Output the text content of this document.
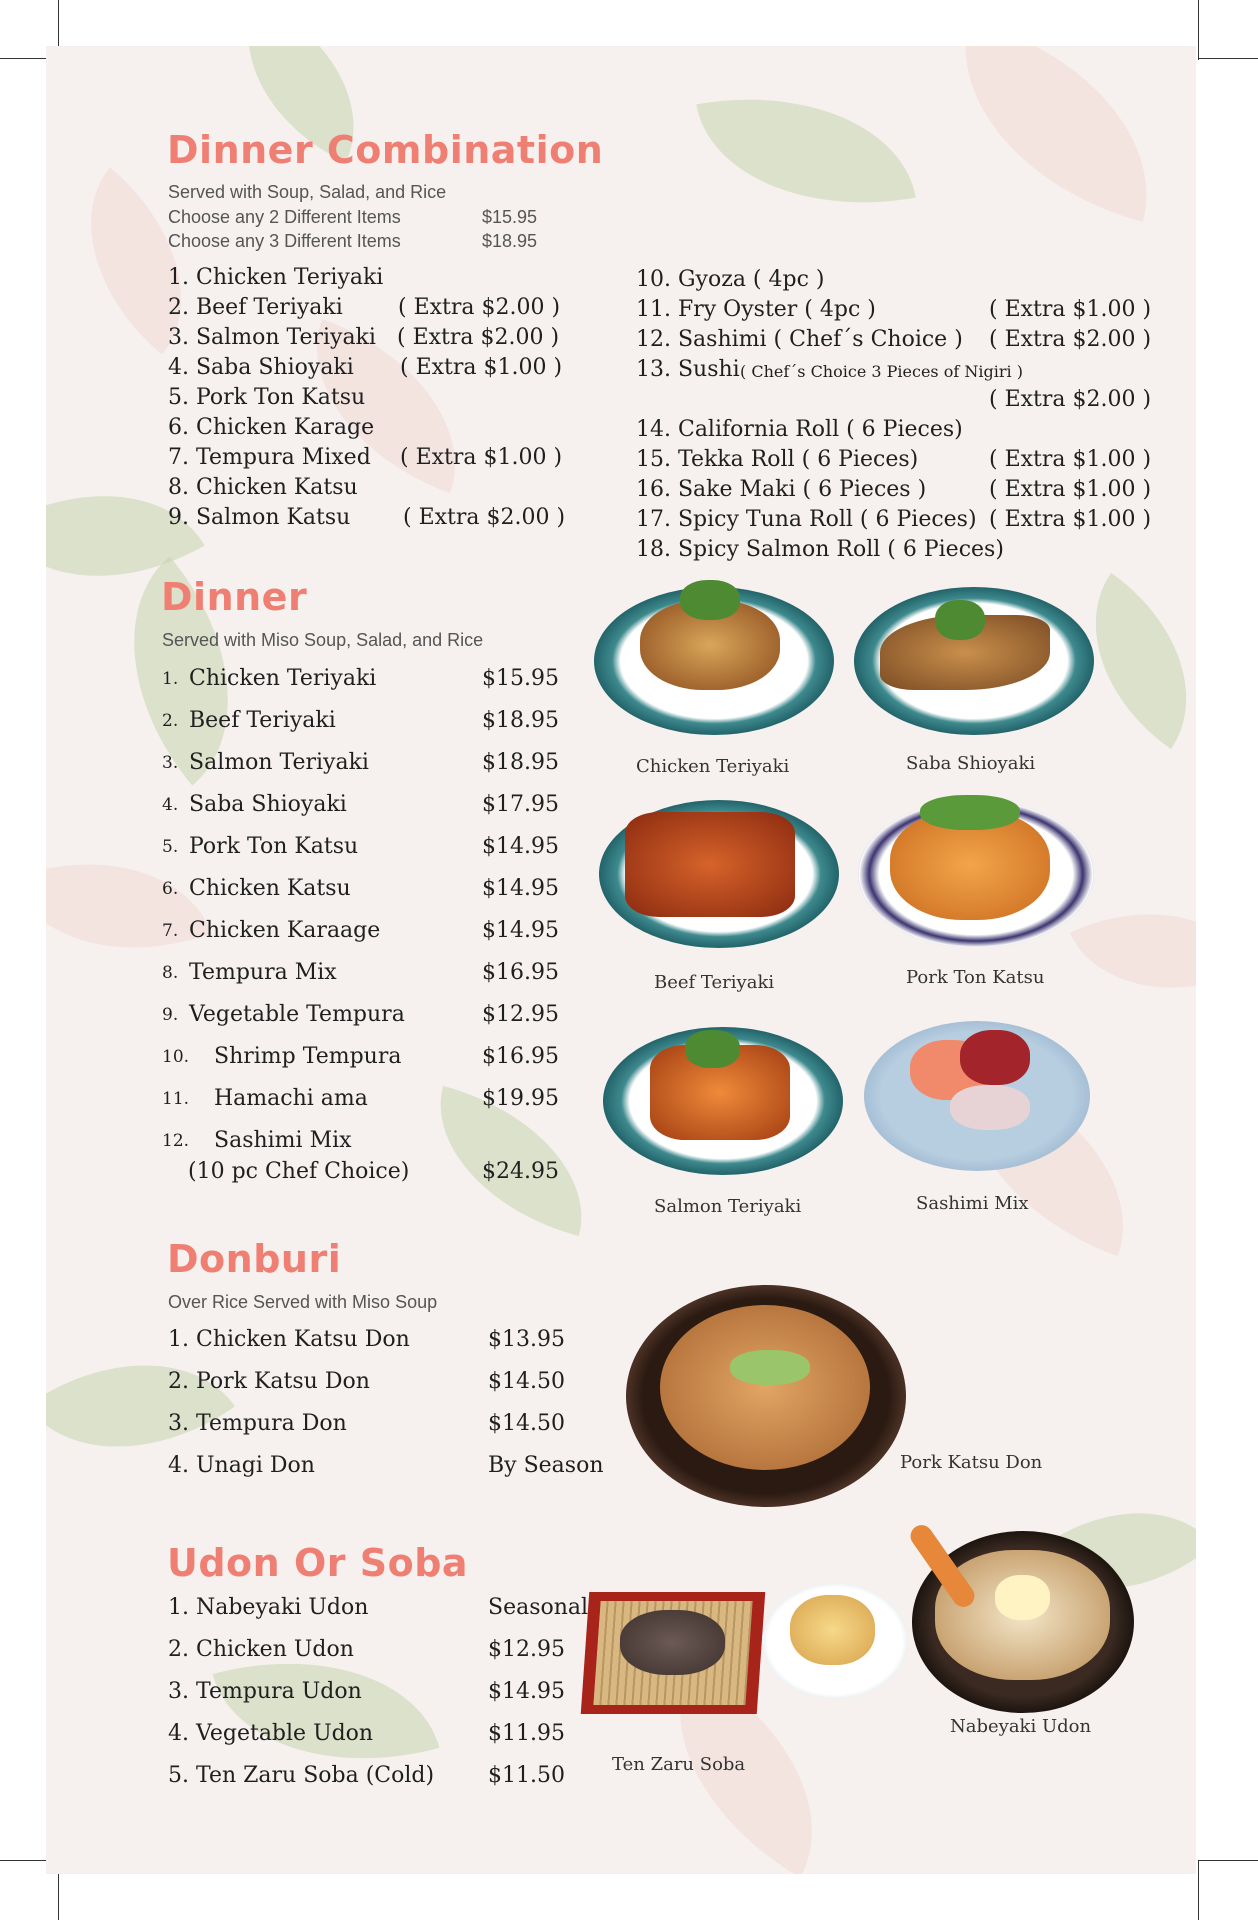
Dinner Combination
Served with Soup, Salad, and Rice
Choose any 2 Different Items	$15.95
Choose any 3 Different Items	$18.95
1. Chicken Teriyaki
2. Beef Teriyaki	( Extra $2.00 )
3. Salmon Teriyaki ( Extra $2.00 )
4. Saba Shioyaki ( Extra $1.00 )
5. Pork Ton Katsu
6. Chicken Karage
7. Tempura Mixed ( Extra $1.00 )
8. Chicken Katsu
9. Salmon Katsu ( Extra $2.00 )
10. Gyoza ( 4pc )
11. Fry Oyster ( 4pc )	( Extra $1.00 )
12. Sashimi ( Chef´s Choice ) ( Extra $2.00 )
13. Sushi ( Chef´s Choice 3 Pieces of Nigiri )
( Extra $2.00 )
14. California Roll ( 6 Pieces)
15. Tekka Roll ( 6 Pieces)	( Extra $1.00 )
16. Sake Maki ( 6 Pieces )	( Extra $1.00 )
17. Spicy Tuna Roll ( 6 Pieces) ( Extra $1.00 )
18. Spicy Salmon Roll ( 6 Pieces)
Dinner
Served with Miso Soup, Salad, and Rice
1. Chicken Teriyaki	$15.95
2. Beef Teriyaki	$18.95
3. Salmon Teriyaki	$18.95
4. Saba Shioyaki	$17.95
5. Pork Ton Katsu	$14.95
6. Chicken Katsu	$14.95
7. Chicken Karaage	$14.95
8. Tempura Mix	$16.95
9. Vegetable Tempura	$12.95
10. Shrimp Tempura	$16.95
11. Hamachi ama	$19.95
12. Sashimi Mix
(10 pc Chef Choice)	$24.95
Chicken Teriyaki	Saba Shioyaki
Beef Teriyaki	Pork Ton Katsu
Salmon Teriyaki	Sashimi Mix
Donburi
Over Rice Served with Miso Soup
1. Chicken Katsu Don	$13.95
2. Pork Katsu Don	$14.50
3. Tempura Don	$14.50
4. Unagi Don	By Season	Pork Katsu Don
Udon Or Soba
1. Nabeyaki Udon	Seasonal
2. Chicken Udon	$12.95
3. Tempura Udon	$14.95
4. Vegetable Udon	$11.95
5. Ten Zaru Soba (Cold) $11.50	Ten Zaru Soba
Nabeyaki Udon
